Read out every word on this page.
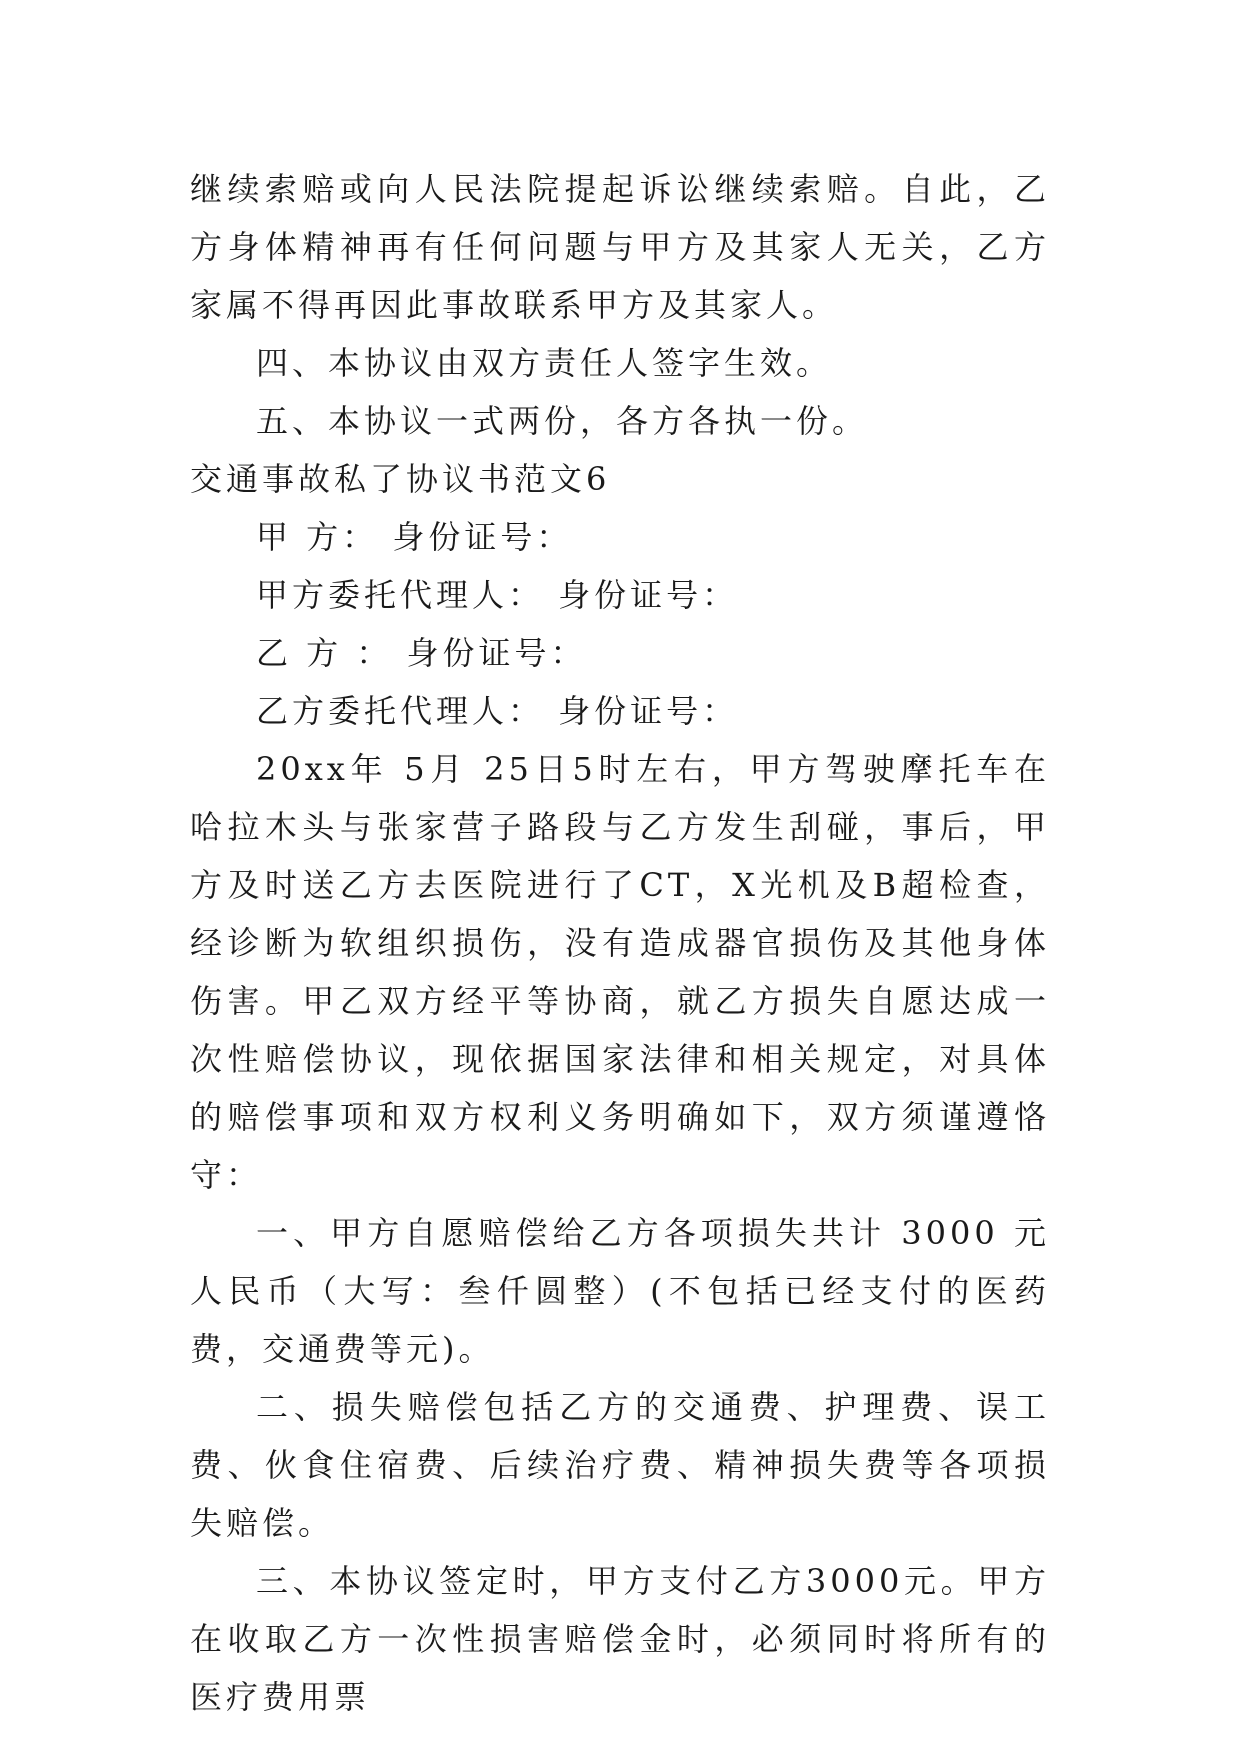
继续索赔或向人民法院提起诉讼继续索赔。自此，乙方身体精神再有任何问题与甲方及其家人无关，乙方家属不得再因此事故联系甲方及其家人。

四、本协议由双方责任人签字生效。

五、本协议一式两份，各方各执一份。

交通事故私了协议书范文6

甲 方： 身份证号：

甲方委托代理人： 身份证号：

乙 方 ： 身份证号：

乙方委托代理人： 身份证号：

20xx年 5月 25日5时左右，甲方驾驶摩托车在哈拉木头与张家营子路段与乙方发生刮碰，事后，甲方及时送乙方去医院进行了CT，X光机及B超检查，经诊断为软组织损伤，没有造成器官损伤及其他身体伤害。甲乙双方经平等协商，就乙方损失自愿达成一次性赔偿协议，现依据国家法律和相关规定，对具体的赔偿事项和双方权利义务明确如下，双方须谨遵恪守：

一、甲方自愿赔偿给乙方各项损失共计 3000 元人民币（大写：叁仟圆整）(不包括已经支付的医药费，交通费等元)。

二、损失赔偿包括乙方的交通费、护理费、误工费、伙食住宿费、后续治疗费、精神损失费等各项损失赔偿。

三、本协议签定时，甲方支付乙方3000元。甲方在收取乙方一次性损害赔偿金时，必须同时将所有的医疗费用票
